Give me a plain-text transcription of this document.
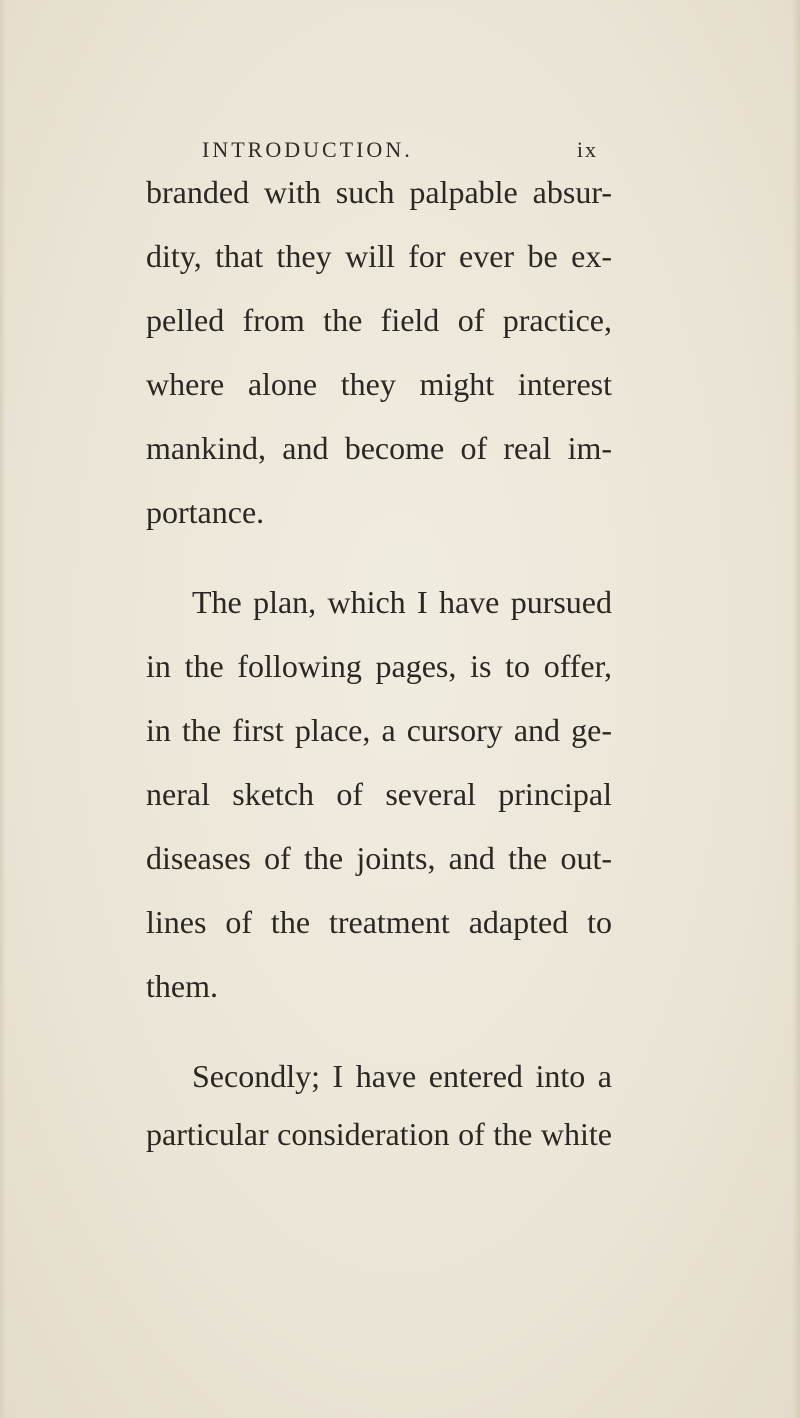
INTRODUCTION.	ix
branded with such palpable absur-
dity, that they will for ever be ex-
pelled from the field of practice,
where alone they might interest
mankind, and become of real im-
portance.
The plan, which I have pursued
in the following pages, is to offer,
in the first place, a cursory and ge-
neral sketch of several principal
diseases of the joints, and the out-
lines of the treatment adapted to
them.
Secondly; I have entered into a
particular consideration of the white
